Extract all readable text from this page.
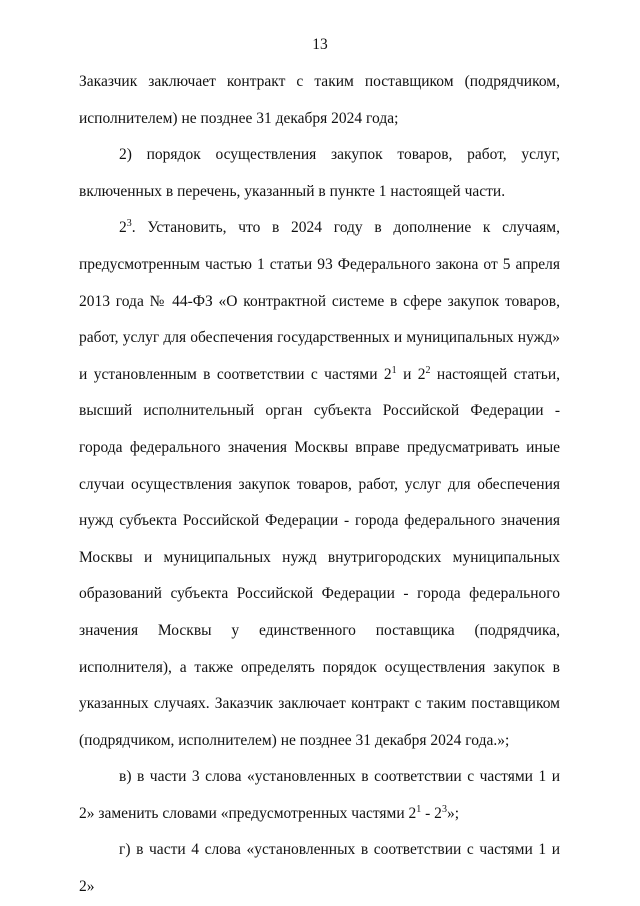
13

Заказчик заключает контракт с таким поставщиком (подрядчиком, исполнителем) не позднее 31 декабря 2024 года;

2) порядок осуществления закупок товаров, работ, услуг, включенных в перечень, указанный в пункте 1 настоящей части.

$2^3$. Установить, что в 2024 году в дополнение к случаям, предусмотренным частью 1 статьи 93 Федерального закона от 5 апреля 2013 года № 44-ФЗ «О контрактной системе в сфере закупок товаров, работ, услуг для обеспечения государственных и муниципальных нужд» и установленным в соответствии с частями $2^1$ и $2^2$ настоящей статьи, высший исполнительный орган субъекта Российской Федерации - города федерального значения Москвы вправе предусматривать иные случаи осуществления закупок товаров, работ, услуг для обеспечения нужд субъекта Российской Федерации - города федерального значения Москвы и муниципальных нужд внутригородских муниципальных образований субъекта Российской Федерации - города федерального значения Москвы у единственного поставщика (подрядчика, исполнителя), а также определять порядок осуществления закупок в указанных случаях. Заказчик заключает контракт с таким поставщиком (подрядчиком, исполнителем) не позднее 31 декабря 2024 года.»;

в) в части 3 слова «установленных в соответствии с частями 1 и 2» заменить словами «предусмотренных частями $2^1 - 2^3$»;

г) в части 4 слова «установленных в соответствии с частями 1 и 2»
